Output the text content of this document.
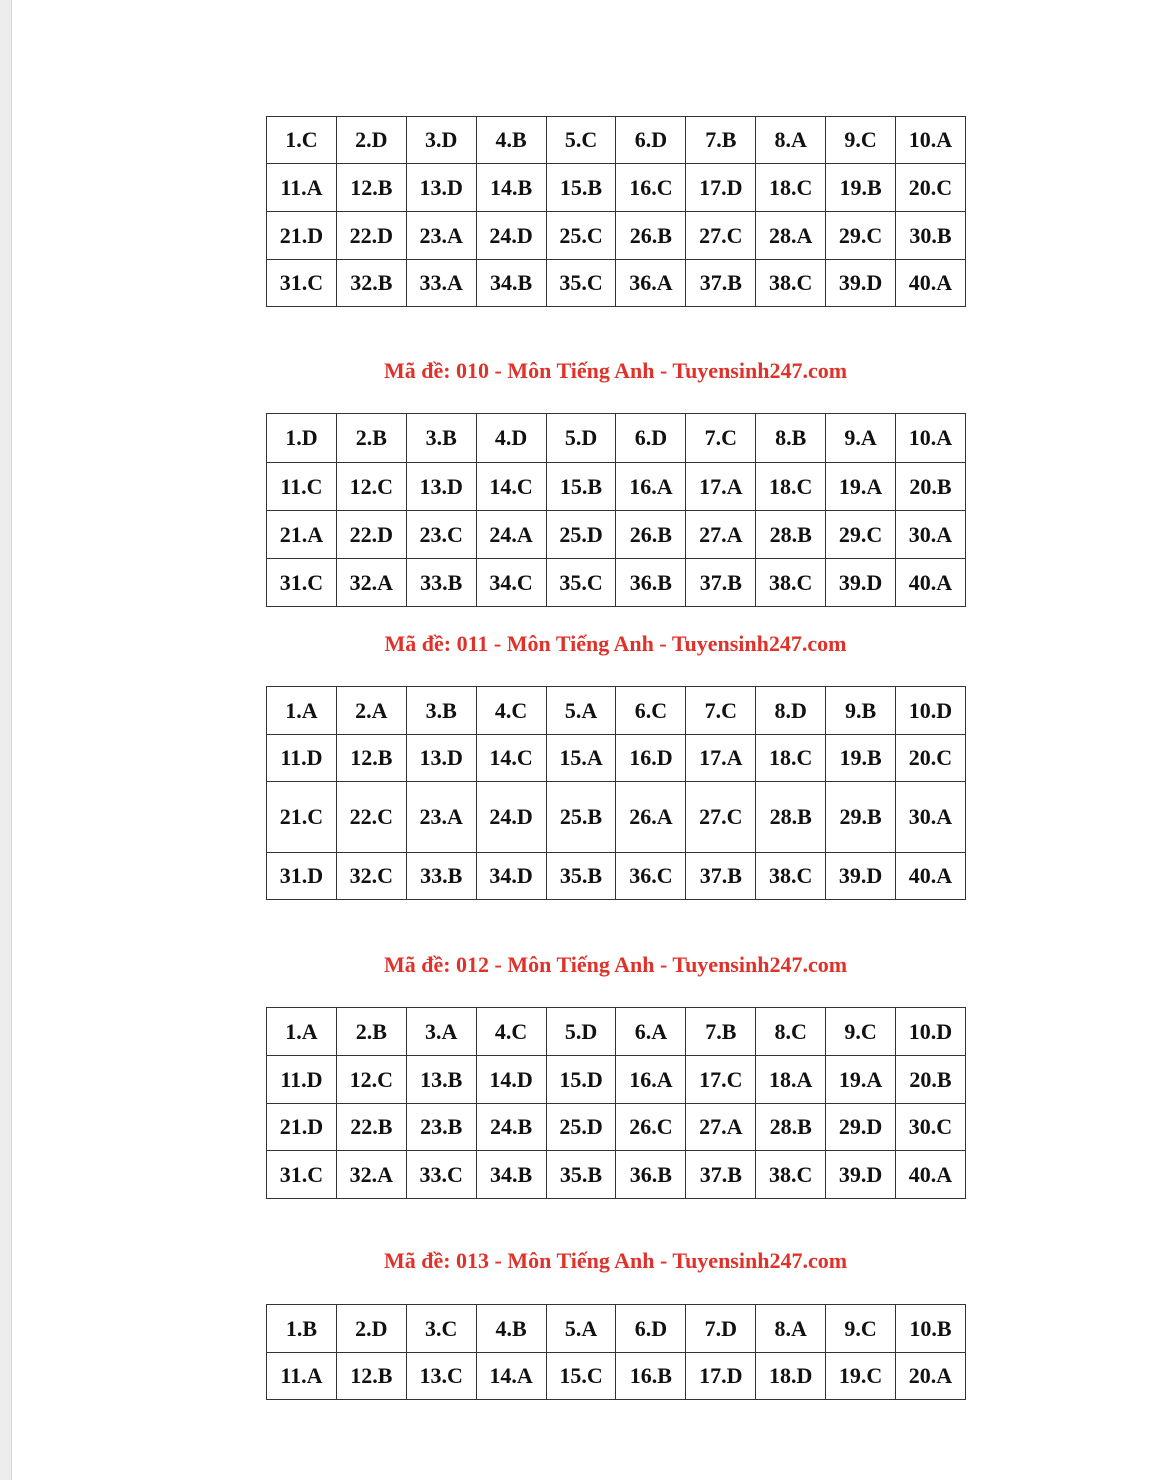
1.C	2.D	3.D	4.B	5.C	6.D	7.B	8.A	9.C	10.A
11.A	12.B	13.D	14.B	15.B	16.C	17.D	18.C	19.B	20.C
21.D	22.D	23.A	24.D	25.C	26.B	27.C	28.A	29.C	30.B
31.C	32.B	33.A	34.B	35.C	36.A	37.B	38.C	39.D	40.A
Mã đề: 010 - Môn Tiếng Anh - Tuyensinh247.com
1.D	2.B	3.B	4.D	5.D	6.D	7.C	8.B	9.A	10.A
11.C	12.C	13.D	14.C	15.B	16.A	17.A	18.C	19.A	20.B
21.A	22.D	23.C	24.A	25.D	26.B	27.A	28.B	29.C	30.A
31.C	32.A	33.B	34.C	35.C	36.B	37.B	38.C	39.D	40.A
Mã đề: 011 - Môn Tiếng Anh - Tuyensinh247.com
1.A	2.A	3.B	4.C	5.A	6.C	7.C	8.D	9.B	10.D
11.D	12.B	13.D	14.C	15.A	16.D	17.A	18.C	19.B	20.C
21.C	22.C	23.A	24.D	25.B	26.A	27.C	28.B	29.B	30.A
31.D	32.C	33.B	34.D	35.B	36.C	37.B	38.C	39.D	40.A
Mã đề: 012 - Môn Tiếng Anh - Tuyensinh247.com
1.A	2.B	3.A	4.C	5.D	6.A	7.B	8.C	9.C	10.D
11.D	12.C	13.B	14.D	15.D	16.A	17.C	18.A	19.A	20.B
21.D	22.B	23.B	24.B	25.D	26.C	27.A	28.B	29.D	30.C
31.C	32.A	33.C	34.B	35.B	36.B	37.B	38.C	39.D	40.A
Mã đề: 013 - Môn Tiếng Anh - Tuyensinh247.com
1.B	2.D	3.C	4.B	5.A	6.D	7.D	8.A	9.C	10.B
11.A	12.B	13.C	14.A	15.C	16.B	17.D	18.D	19.C	20.A
